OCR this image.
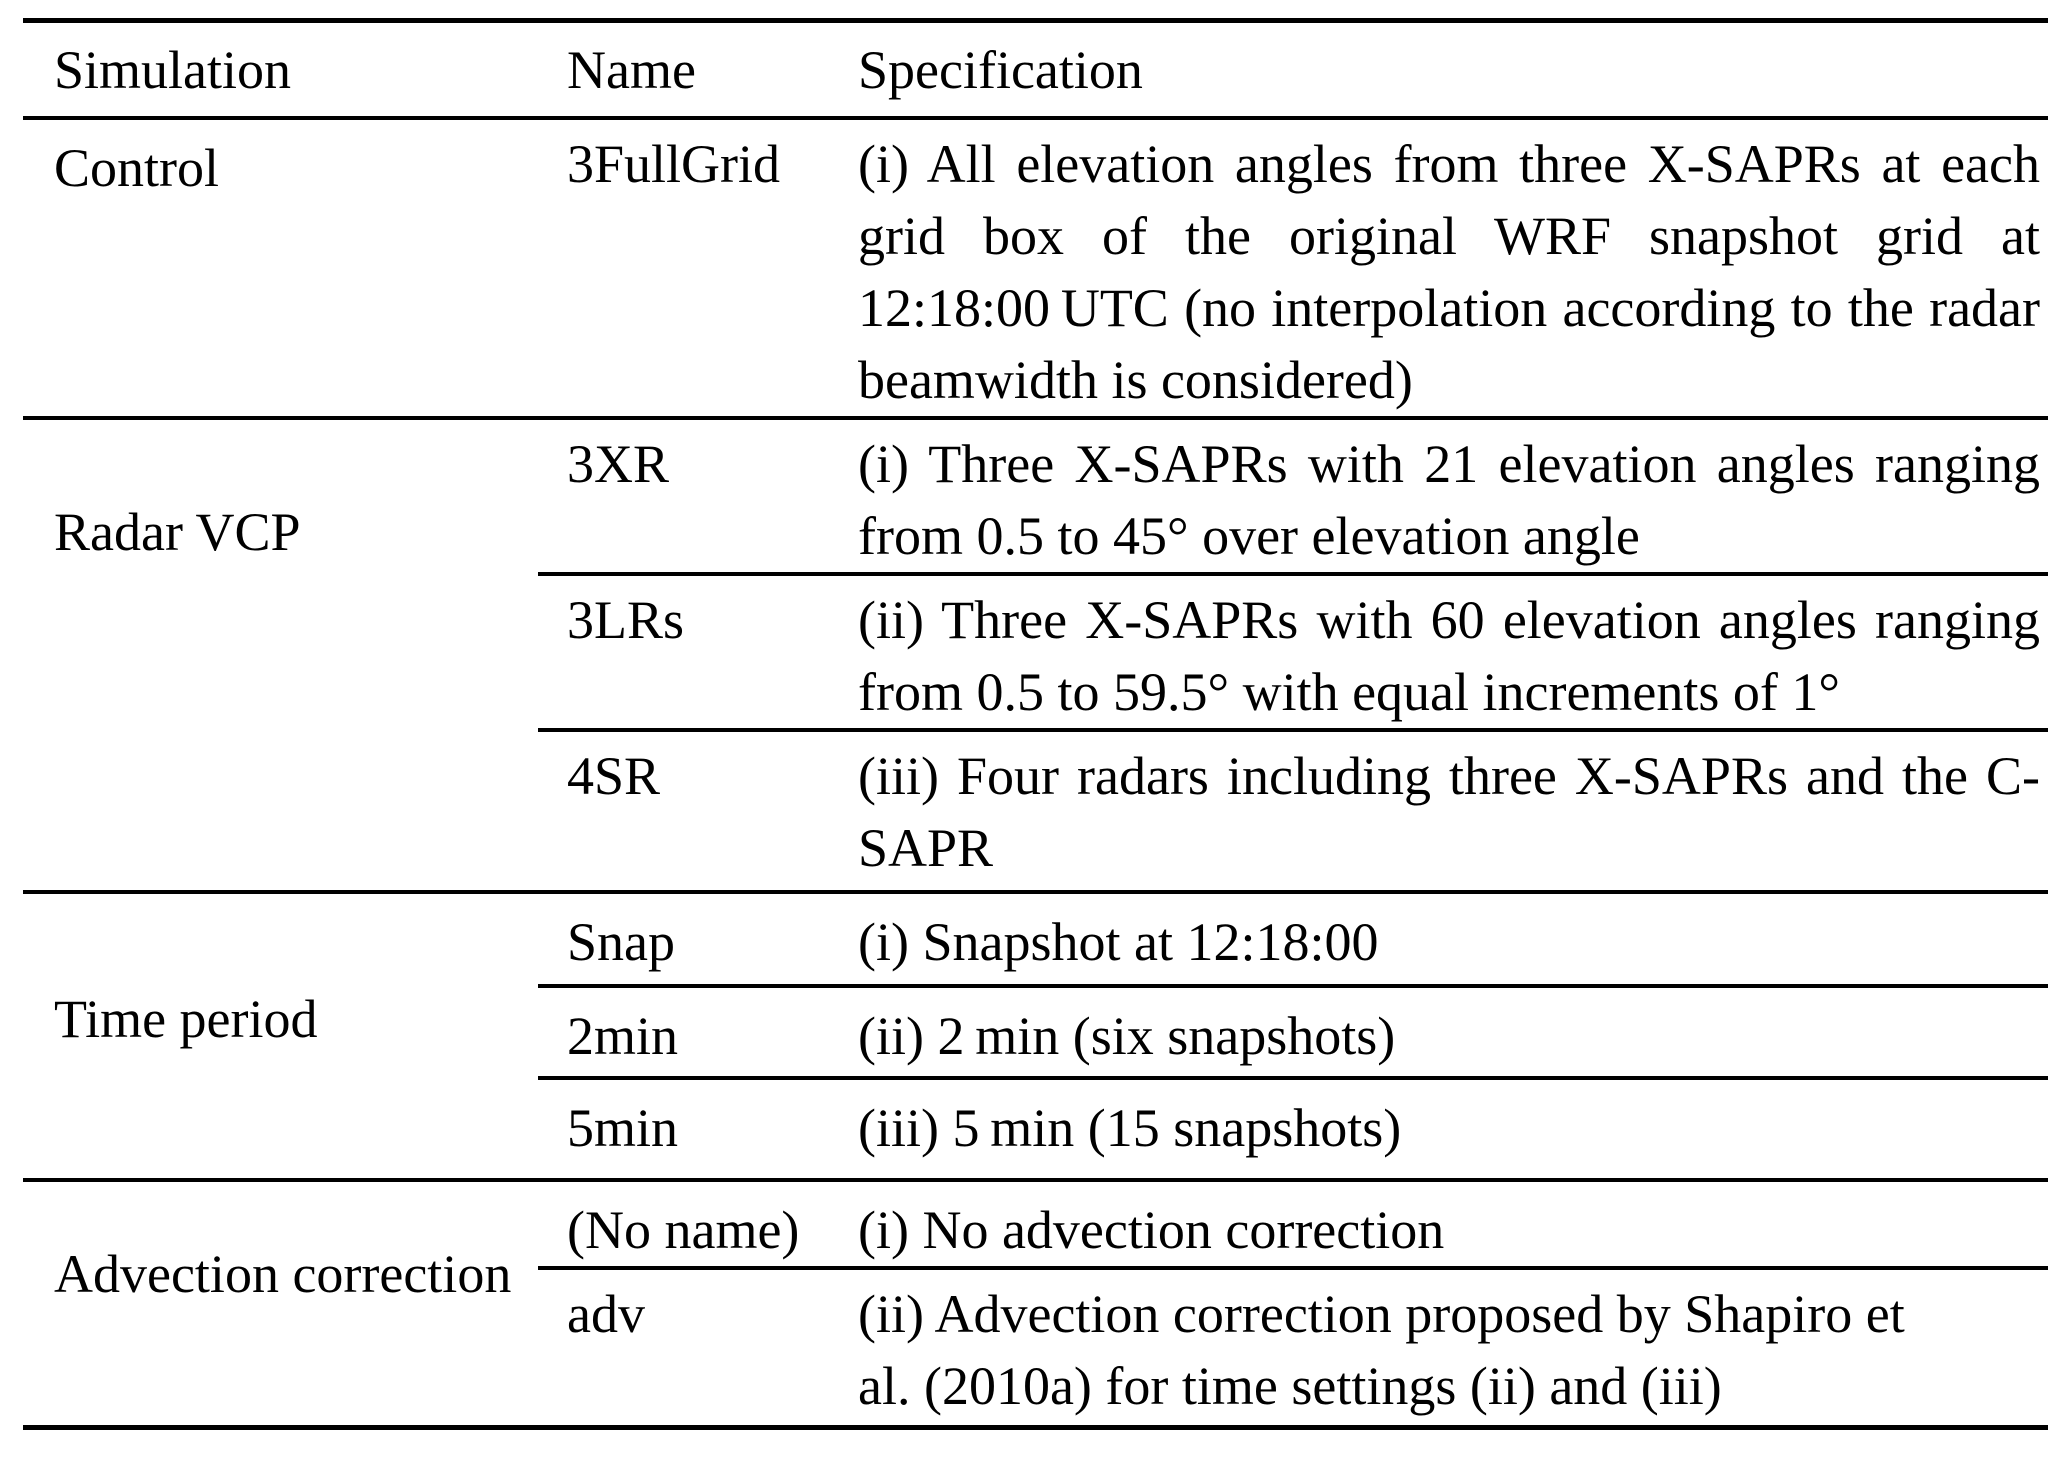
Simulation	Name	Specification
Control	3FullGrid	(i) All elevation angles from three X-SAPRs at each
grid box of the original WRF snapshot grid at
12:18:00 UTC (no interpolation according to the radar
beamwidth is considered)

Radar VCP	3XR	(i) Three X-SAPRs with 21 elevation angles ranging
from 0.5 to 45° over elevation angle

	3LRs	(ii) Three X-SAPRs with 60 elevation angles ranging
from 0.5 to 59.5° with equal increments of 1°

	4SR	(iii) Four radars including three X-SAPRs and the C-
SAPR

Time period	Snap	(i) Snapshot at 12:18:00

	2min	(ii) 2 min (six snapshots)

	5min	(iii) 5 min (15 snapshots)

Advection correction	(No name)	(i) No advection correction

	adv	(ii) Advection correction proposed by Shapiro et
al. (2010a) for time settings (ii) and (iii)
